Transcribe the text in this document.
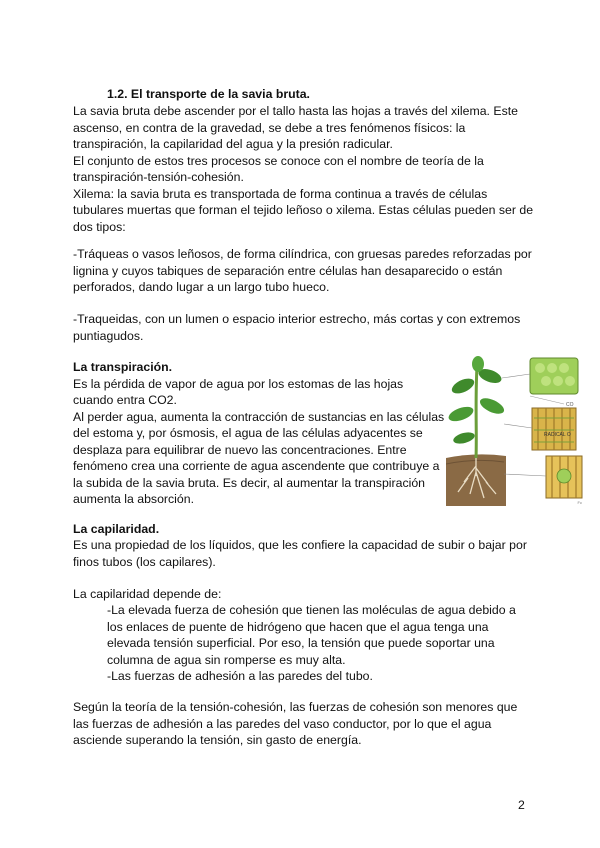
1.2. El transporte de la savia bruta.
La savia bruta debe ascender por el tallo hasta las hojas a través del xilema. Este
ascenso, en contra de la gravedad, se debe a tres fenómenos físicos: la
transpiración, la capilaridad del agua y la presión radicular.
El conjunto de estos tres procesos se conoce con el nombre de teoría de la
transpiración-tensión-cohesión.
Xilema: la savia bruta es transportada de forma continua a través de células
tubulares muertas que forman el tejido leñoso o xilema. Estas células pueden ser de
dos tipos:
-Tráqueas o vasos leñosos, de forma cilíndrica, con gruesas paredes reforzadas por
lignina y cuyos tabiques de separación entre células han desaparecido o están
perforados, dando lugar a un largo tubo hueco.
-Traqueidas, con un lumen o espacio interior estrecho, más cortas y con extremos
puntiagudos.
La transpiración.
Es la pérdida de vapor de agua por los estomas de las hojas
cuando entra CO2.
Al perder agua, aumenta la contracción de sustancias en las células
del estoma y, por ósmosis, el agua de las células adyacentes se
desplaza para equilibrar de nuevo las concentraciones. Entre
fenómeno crea una corriente de agua ascendente que contribuye a
la subida de la savia bruta. Es decir, al aumentar la transpiración
aumenta la absorción.
CO
Fc
RADICAL O
La capilaridad.
Es una propiedad de los líquidos, que les confiere la capacidad de subir o bajar por
finos tubos (los capilares).
La capilaridad depende de:
-La elevada fuerza de cohesión que tienen las moléculas de agua debido a
los enlaces de puente de hidrógeno que hacen que el agua tenga una
elevada tensión superficial. Por eso, la tensión que puede soportar una
columna de agua sin romperse es muy alta.
-Las fuerzas de adhesión a las paredes del tubo.
Según la teoría de la tensión-cohesión, las fuerzas de cohesión son menores que
las fuerzas de adhesión a las paredes del vaso conductor, por lo que el agua
asciende superando la tensión, sin gasto de energía.
2
